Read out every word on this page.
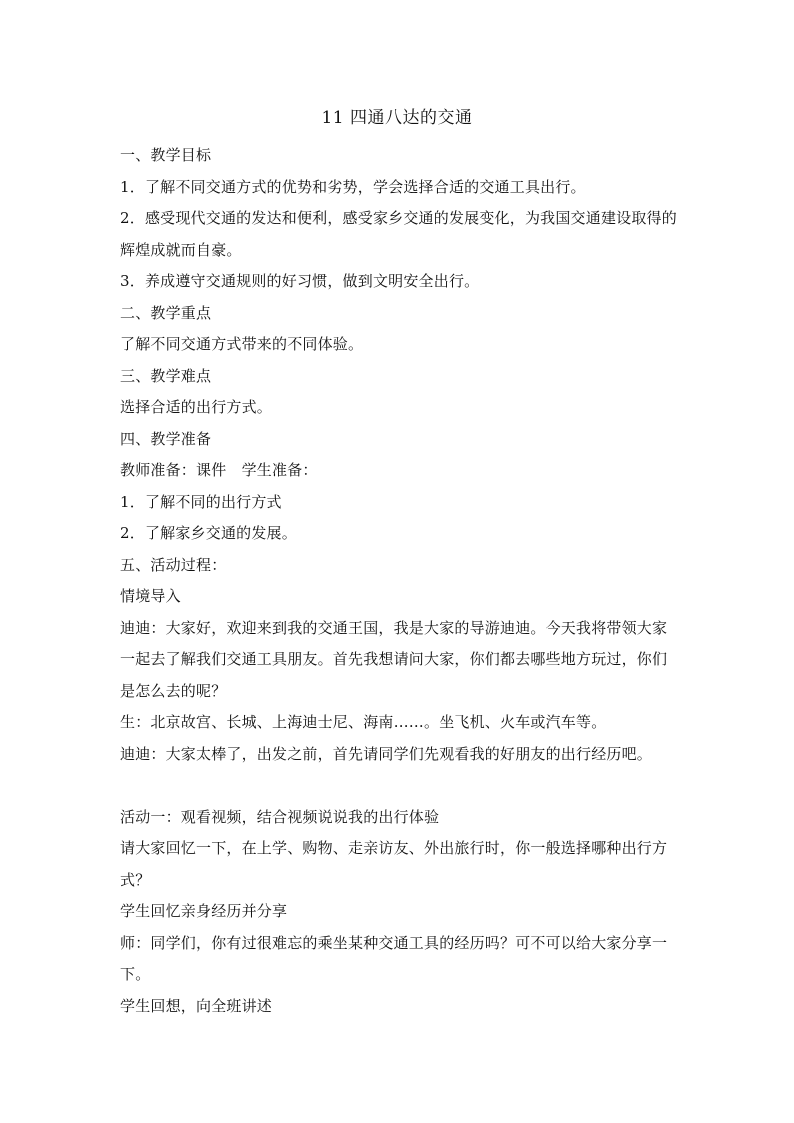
11 四通八达的交通

一、教学目标

1．了解不同交通方式的优势和劣势，学会选择合适的交通工具出行。

2．感受现代交通的发达和便利，感受家乡交通的发展变化，为我国交通建设取得的辉煌成就而自豪。

3．养成遵守交通规则的好习惯，做到文明安全出行。

二、教学重点

了解不同交通方式带来的不同体验。

三、教学难点

选择合适的出行方式。

四、教学准备

教师准备：课件　学生准备：

1．了解不同的出行方式

2．了解家乡交通的发展。

五、活动过程：

情境导入

迪迪：大家好，欢迎来到我的交通王国，我是大家的导游迪迪。今天我将带领大家一起去了解我们交通工具朋友。首先我想请问大家，你们都去哪些地方玩过，你们是怎么去的呢？

生：北京故宫、长城、上海迪士尼、海南……。坐飞机、火车或汽车等。

迪迪：大家太棒了，出发之前，首先请同学们先观看我的好朋友的出行经历吧。

活动一：观看视频，结合视频说说我的出行体验

请大家回忆一下，在上学、购物、走亲访友、外出旅行时，你一般选择哪种出行方式？

学生回忆亲身经历并分享

师：同学们，你有过很难忘的乘坐某种交通工具的经历吗？可不可以给大家分享一下。

学生回想，向全班讲述
